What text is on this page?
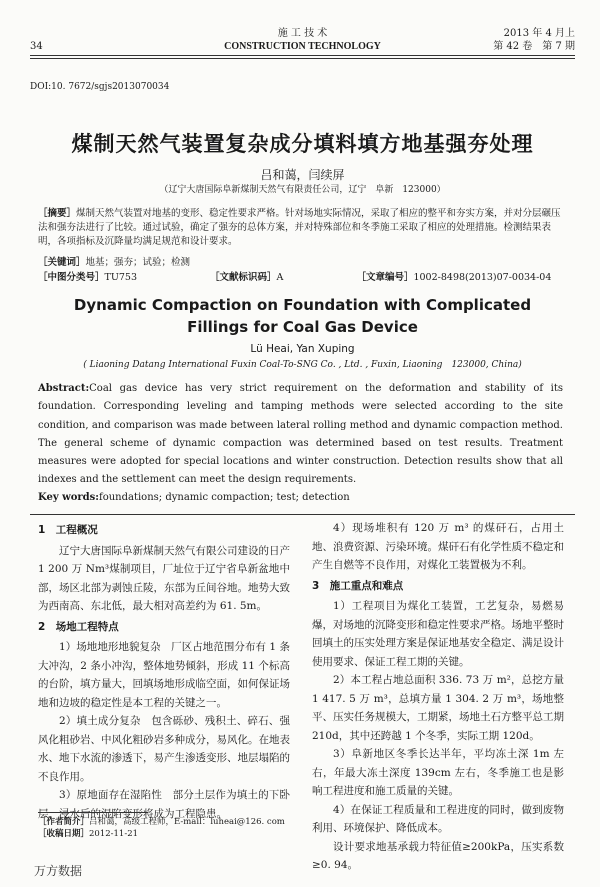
施 工 技 术	2013 年 4 月上
34	CONSTRUCTION TECHNOLOGY	第 42 卷　第 7 期
DOI:10. 7672/sgjs2013070034
煤制天然气装置复杂成分填料填方地基强夯处理
吕和蔼，闫续屏
（辽宁大唐国际阜新煤制天然气有限责任公司，辽宁　阜新　123000）
［摘要］煤制天然气装置对地基的变形、稳定性要求严格。针对场地实际情况，采取了相应的整平和夯实方案，并对分层碾压法和强夯法进行了比较。通过试验，确定了强夯的总体方案，并对特殊部位和冬季施工采取了相应的处理措施。检测结果表明，各项指标及沉降量均满足规范和设计要求。
［关键词］地基；强夯；试验；检测
［中图分类号］TU753	［文献标识码］A	［文章编号］1002-8498(2013)07-0034-04
Dynamic Compaction on Foundation with Complicated
Fillings for Coal Gas Device
Lü Heai, Yan Xuping
( Liaoning Datang International Fuxin Coal-To-SNG Co. , Ltd. , Fuxin, Liaoning　123000, China)
Abstract:Coal gas device has very strict requirement on the deformation and stability of its foundation. Corresponding leveling and tamping methods were selected according to the site condition, and comparison was made between lateral rolling method and dynamic compaction method. The general scheme of dynamic compaction was determined based on test results. Treatment measures were adopted for special locations and winter construction. Detection results show that all indexes and the settlement can meet the design requirements.
Key words:foundations; dynamic compaction; test; detection
1　工程概况

辽宁大唐国际阜新煤制天然气有限公司建设的日产 1 200 万 Nm³煤制项目，厂址位于辽宁省阜新盆地中部，场区北部为剥蚀丘陵，东部为丘间谷地。地势大致为西南高、东北低，最大相对高差约为 61. 5m。

2　场地工程特点

1）场地地形地貌复杂　厂区占地范围分布有 1 条大冲沟，2 条小冲沟，整体地势倾斜，形成 11 个标高的台阶，填方量大，回填场地形成临空面，如何保证场地和边坡的稳定性是本工程的关键之一。

2）填土成分复杂　包含砾砂、残积土、碎石、强风化粗砂岩、中风化粗砂岩多种成分，易风化。在地表水、地下水流的渗透下，易产生渗透变形、地层塌陷的不良作用。

3）原地面存在湿陷性　部分土层作为填土的下卧层，浸水后的湿陷变形将成为工程隐患。

4）现场堆积有 120 万 m³ 的煤矸石，占用土地、浪费资源、污染环境。煤矸石有化学性质不稳定和产生自燃等不良作用，对煤化工装置极为不利。

3　施工重点和难点

1）工程项目为煤化工装置，工艺复杂，易燃易爆，对场地的沉降变形和稳定性要求严格。场地平整时回填土的压实处理方案是保证地基安全稳定、满足设计使用要求、保证工程工期的关键。

2）本工程占地总面积 336. 73 万 m²，总挖方量 1 417. 5 万 m³，总填方量 1 304. 2 万 m³，场地整平、压实任务规模大，工期紧，场地土石方整平总工期 210d，其中还跨越 1 个冬季，实际工期 120d。

3）阜新地区冬季长达半年，平均冻土深 1m 左右，年最大冻土深度 139cm 左右，冬季施工也是影响工程进度和施工质量的关键。

4）在保证工程质量和工程进度的同时，做到废物利用、环境保护、降低成本。

设计要求地基承载力特征值≥200kPa，压实系数≥0. 94。

［作者简介］吕和蔼，高级工程师，E-mail：luheai@126. com
［收稿日期］2012-11-21
万方数据
